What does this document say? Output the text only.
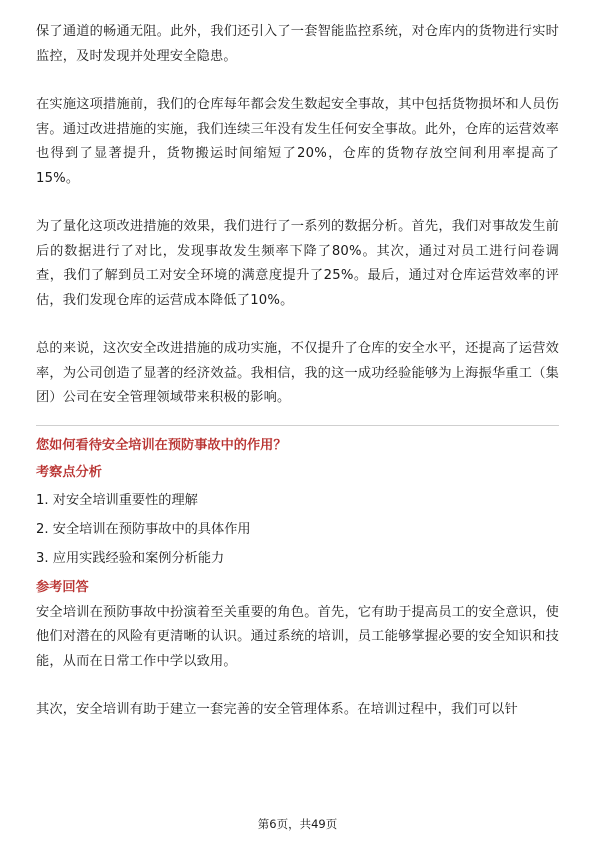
保了通道的畅通无阻。此外，我们还引入了一套智能监控系统，对仓库内的货物进行实时监控，及时发现并处理安全隐患。

在实施这项措施前，我们的仓库每年都会发生数起安全事故，其中包括货物损坏和人员伤害。通过改进措施的实施，我们连续三年没有发生任何安全事故。此外，仓库的运营效率也得到了显著提升，货物搬运时间缩短了20%，仓库的货物存放空间利用率提高了15%。

为了量化这项改进措施的效果，我们进行了一系列的数据分析。首先，我们对事故发生前后的数据进行了对比，发现事故发生频率下降了80%。其次，通过对员工进行问卷调查，我们了解到员工对安全环境的满意度提升了25%。最后，通过对仓库运营效率的评估，我们发现仓库的运营成本降低了10%。

总的来说，这次安全改进措施的成功实施，不仅提升了仓库的安全水平，还提高了运营效率，为公司创造了显著的经济效益。我相信，我的这一成功经验能够为上海振华重工（集团）公司在安全管理领域带来积极的影响。

您如何看待安全培训在预防事故中的作用？

考察点分析

1. 对安全培训重要性的理解

2. 安全培训在预防事故中的具体作用

3. 应用实践经验和案例分析能力

参考回答

安全培训在预防事故中扮演着至关重要的角色。首先，它有助于提高员工的安全意识，使他们对潜在的风险有更清晰的认识。通过系统的培训，员工能够掌握必要的安全知识和技能，从而在日常工作中学以致用。

其次，安全培训有助于建立一套完善的安全管理体系。在培训过程中，我们可以针

第6页，共49页
